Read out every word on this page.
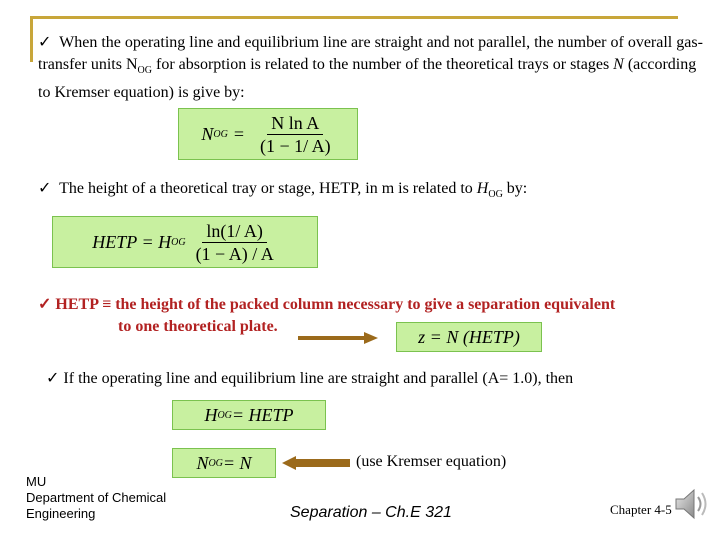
✓ When the operating line and equilibrium line are straight and not parallel, the number of overall gas-transfer units $N_{OG}$ for absorption is related to the number of the theoretical trays or stages N (according to Kremser equation) is give by:
N OG = $\frac{\text{N ln A}}{(1 - 1/ A)}$
✓ The height of a theoretical tray or stage, HETP, in m is related to $H_{OG}$ by:
HETP = H OG $\frac{\ln(1/ A)}{(1 - A) / A}$
✓ HETP ≡ the height of the packed column necessary to give a separation equivalent
to one theoretical plate.	z = N (HETP)
✓ If the operating line and equilibrium line are straight and parallel (A= 1.0), then
H OG = HETP
N OG = N	(use Kremser equation)
MU
Department of Chemical
Engineering	Separation – Ch.E 321	Chapter 4-5
